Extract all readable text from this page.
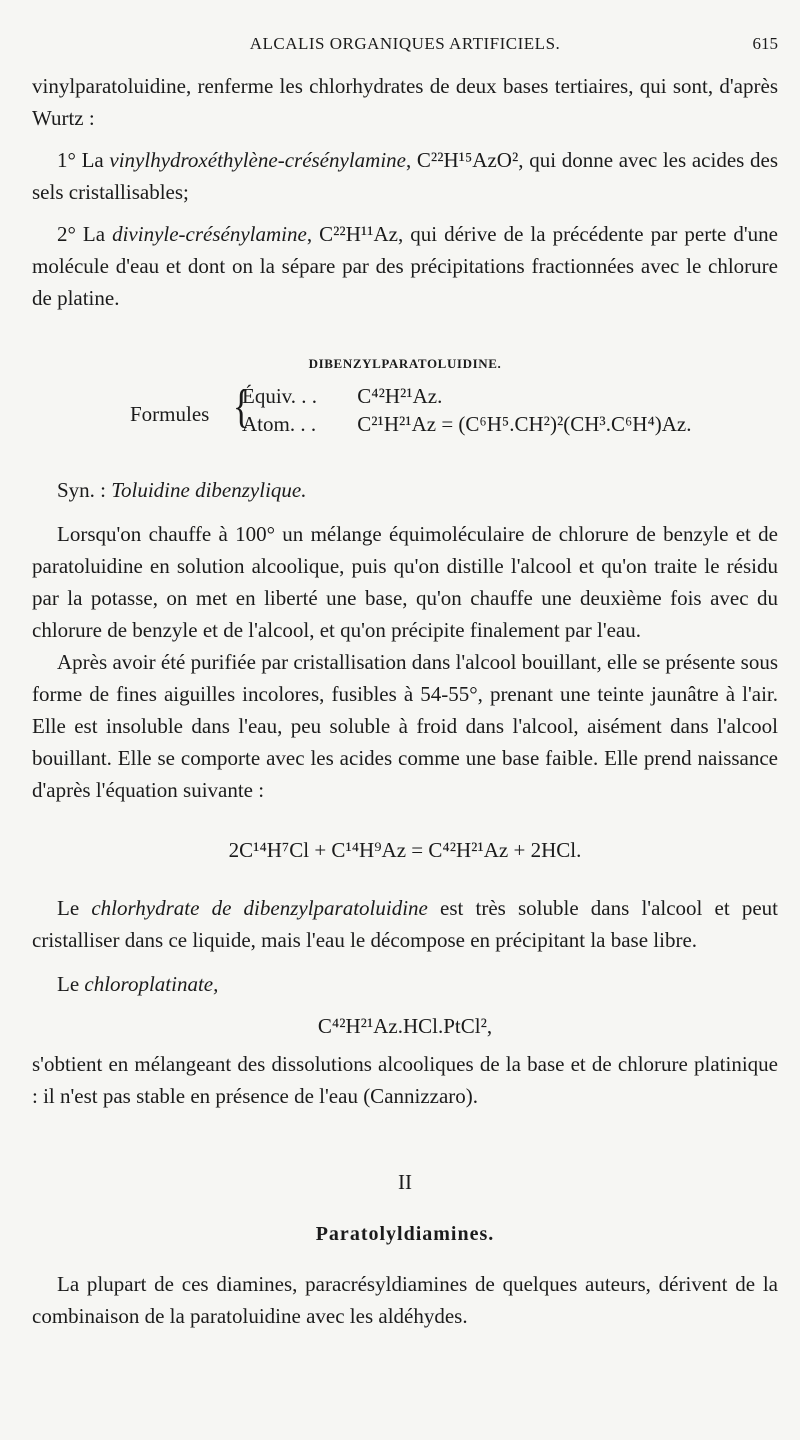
ALCALIS ORGANIQUES ARTIFICIELS.	615

vinylparatoluidine, renferme les chlorhydrates de deux bases tertiaires, qui sont, d'après Wurtz :

1° La vinylhydroxéthylène-crésénylamine, C²²H¹⁵AzO², qui donne avec les acides des sels cristallisables;

2° La divinyle-crésénylamine, C²²H¹¹Az, qui dérive de la précédente par perte d'une molécule d'eau et dont on la sépare par des précipitations fractionnées avec le chlorure de platine.

DIBENZYLPARATOLUIDINE.
Formules {
Équiv. . . C⁴²H²¹Az.
Atom. . . C²¹H²¹Az = (C⁶H⁵.CH²)²(CH³.C⁶H⁴)Az.

Syn. : Toluidine dibenzylique.

Lorsqu'on chauffe à 100° un mélange équimoléculaire de chlorure de benzyle et de paratoluidine en solution alcoolique, puis qu'on distille l'alcool et qu'on traite le résidu par la potasse, on met en liberté une base, qu'on chauffe une deuxième fois avec du chlorure de benzyle et de l'alcool, et qu'on précipite finalement par l'eau.

Après avoir été purifiée par cristallisation dans l'alcool bouillant, elle se présente sous forme de fines aiguilles incolores, fusibles à 54-55°, prenant une teinte jaunâtre à l'air. Elle est insoluble dans l'eau, peu soluble à froid dans l'alcool, aisément dans l'alcool bouillant. Elle se comporte avec les acides comme une base faible. Elle prend naissance d'après l'équation suivante :

2C¹⁴H⁷Cl + C¹⁴H⁹Az = C⁴²H²¹Az + 2HCl.

Le chlorhydrate de dibenzylparatoluidine est très soluble dans l'alcool et peut cristalliser dans ce liquide, mais l'eau le décompose en précipitant la base libre.

Le chloroplatinate,
C⁴²H²¹Az.HCl.PtCl²,

s'obtient en mélangeant des dissolutions alcooliques de la base et de chlorure platinique : il n'est pas stable en présence de l'eau (Cannizzaro).

II
Paratolyldiamines.

La plupart de ces diamines, paracrésyldiamines de quelques auteurs, dérivent de la combinaison de la paratoluidine avec les aldéhydes.
